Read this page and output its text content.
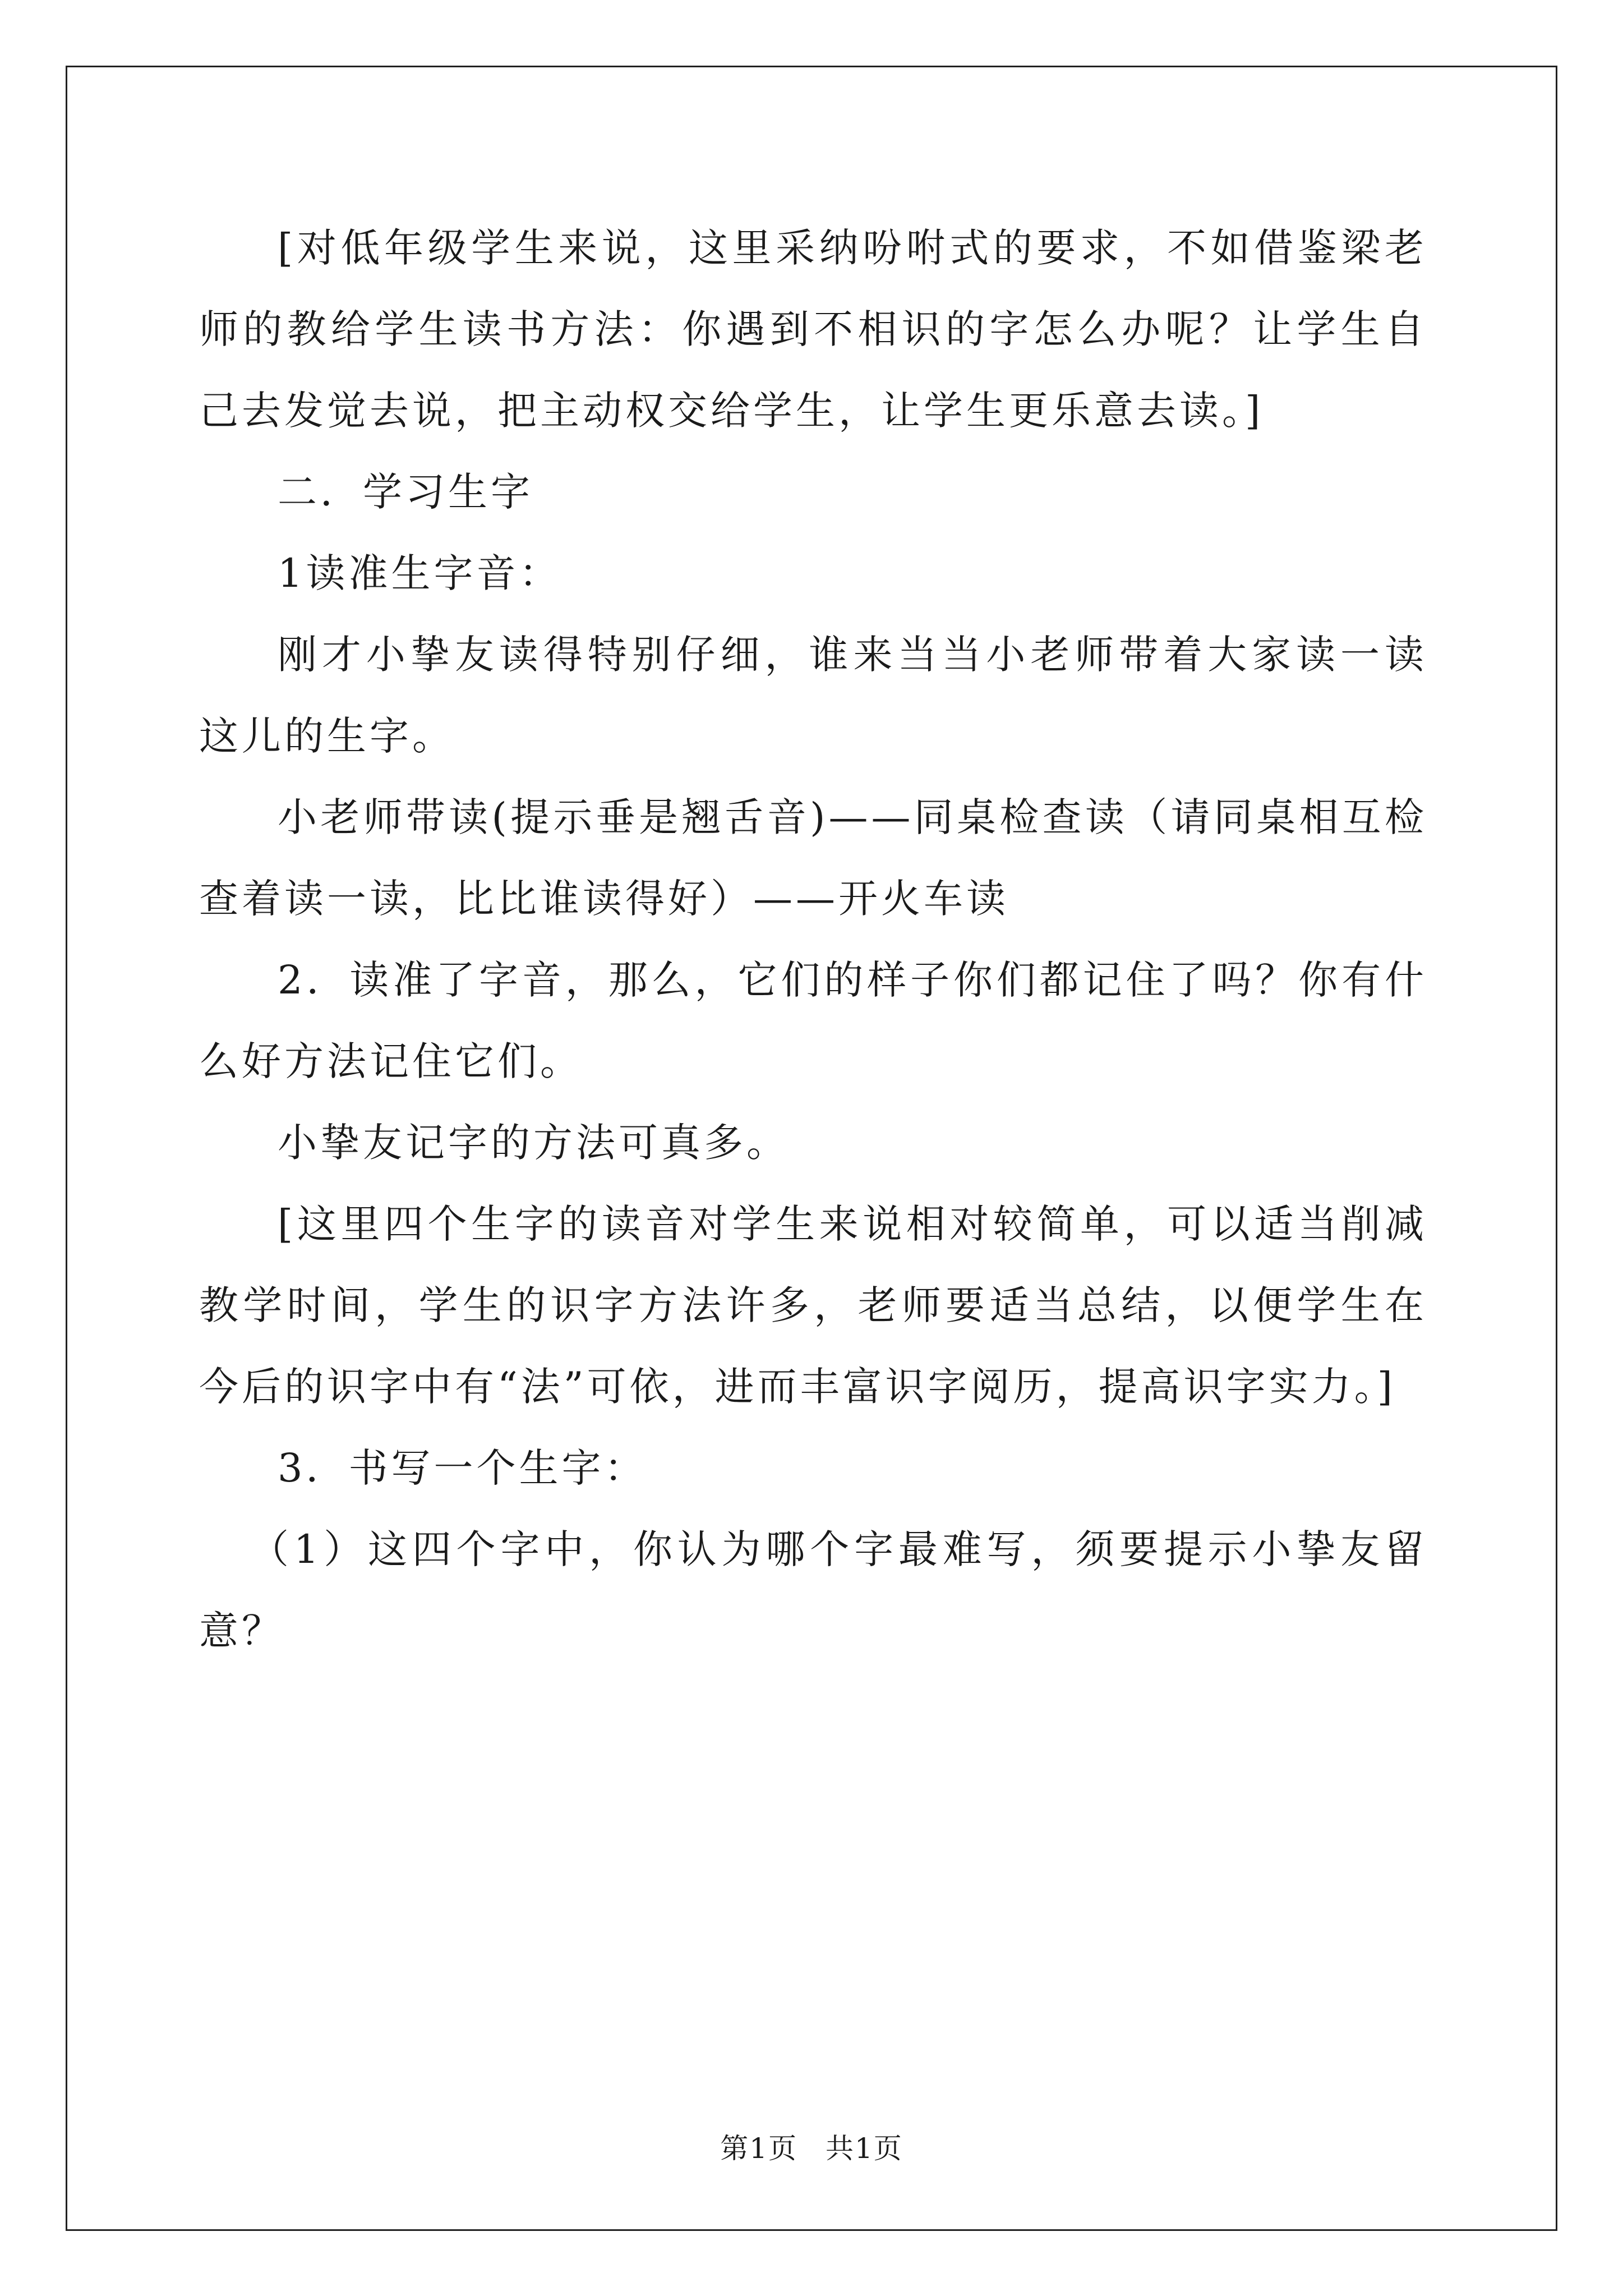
[对低年级学生来说，这里采纳吩咐式的要求，不如借鉴梁老师的教给学生读书方法：你遇到不相识的字怎么办呢？让学生自己去发觉去说，把主动权交给学生，让学生更乐意去读。]

二．学习生字

1读准生字音：

刚才小挚友读得特别仔细，谁来当当小老师带着大家读一读这儿的生字。

小老师带读(提示垂是翘舌音)——同桌检查读（请同桌相互检查着读一读，比比谁读得好）——开火车读

2．读准了字音，那么，它们的样子你们都记住了吗？你有什么好方法记住它们。

小挚友记字的方法可真多。

[这里四个生字的读音对学生来说相对较简单，可以适当削减教学时间，学生的识字方法许多，老师要适当总结，以便学生在今后的识字中有“法”可依，进而丰富识字阅历，提高识字实力。]

3．书写一个生字：

（1）这四个字中，你认为哪个字最难写，须要提示小挚友留意？

第1页 共1页
